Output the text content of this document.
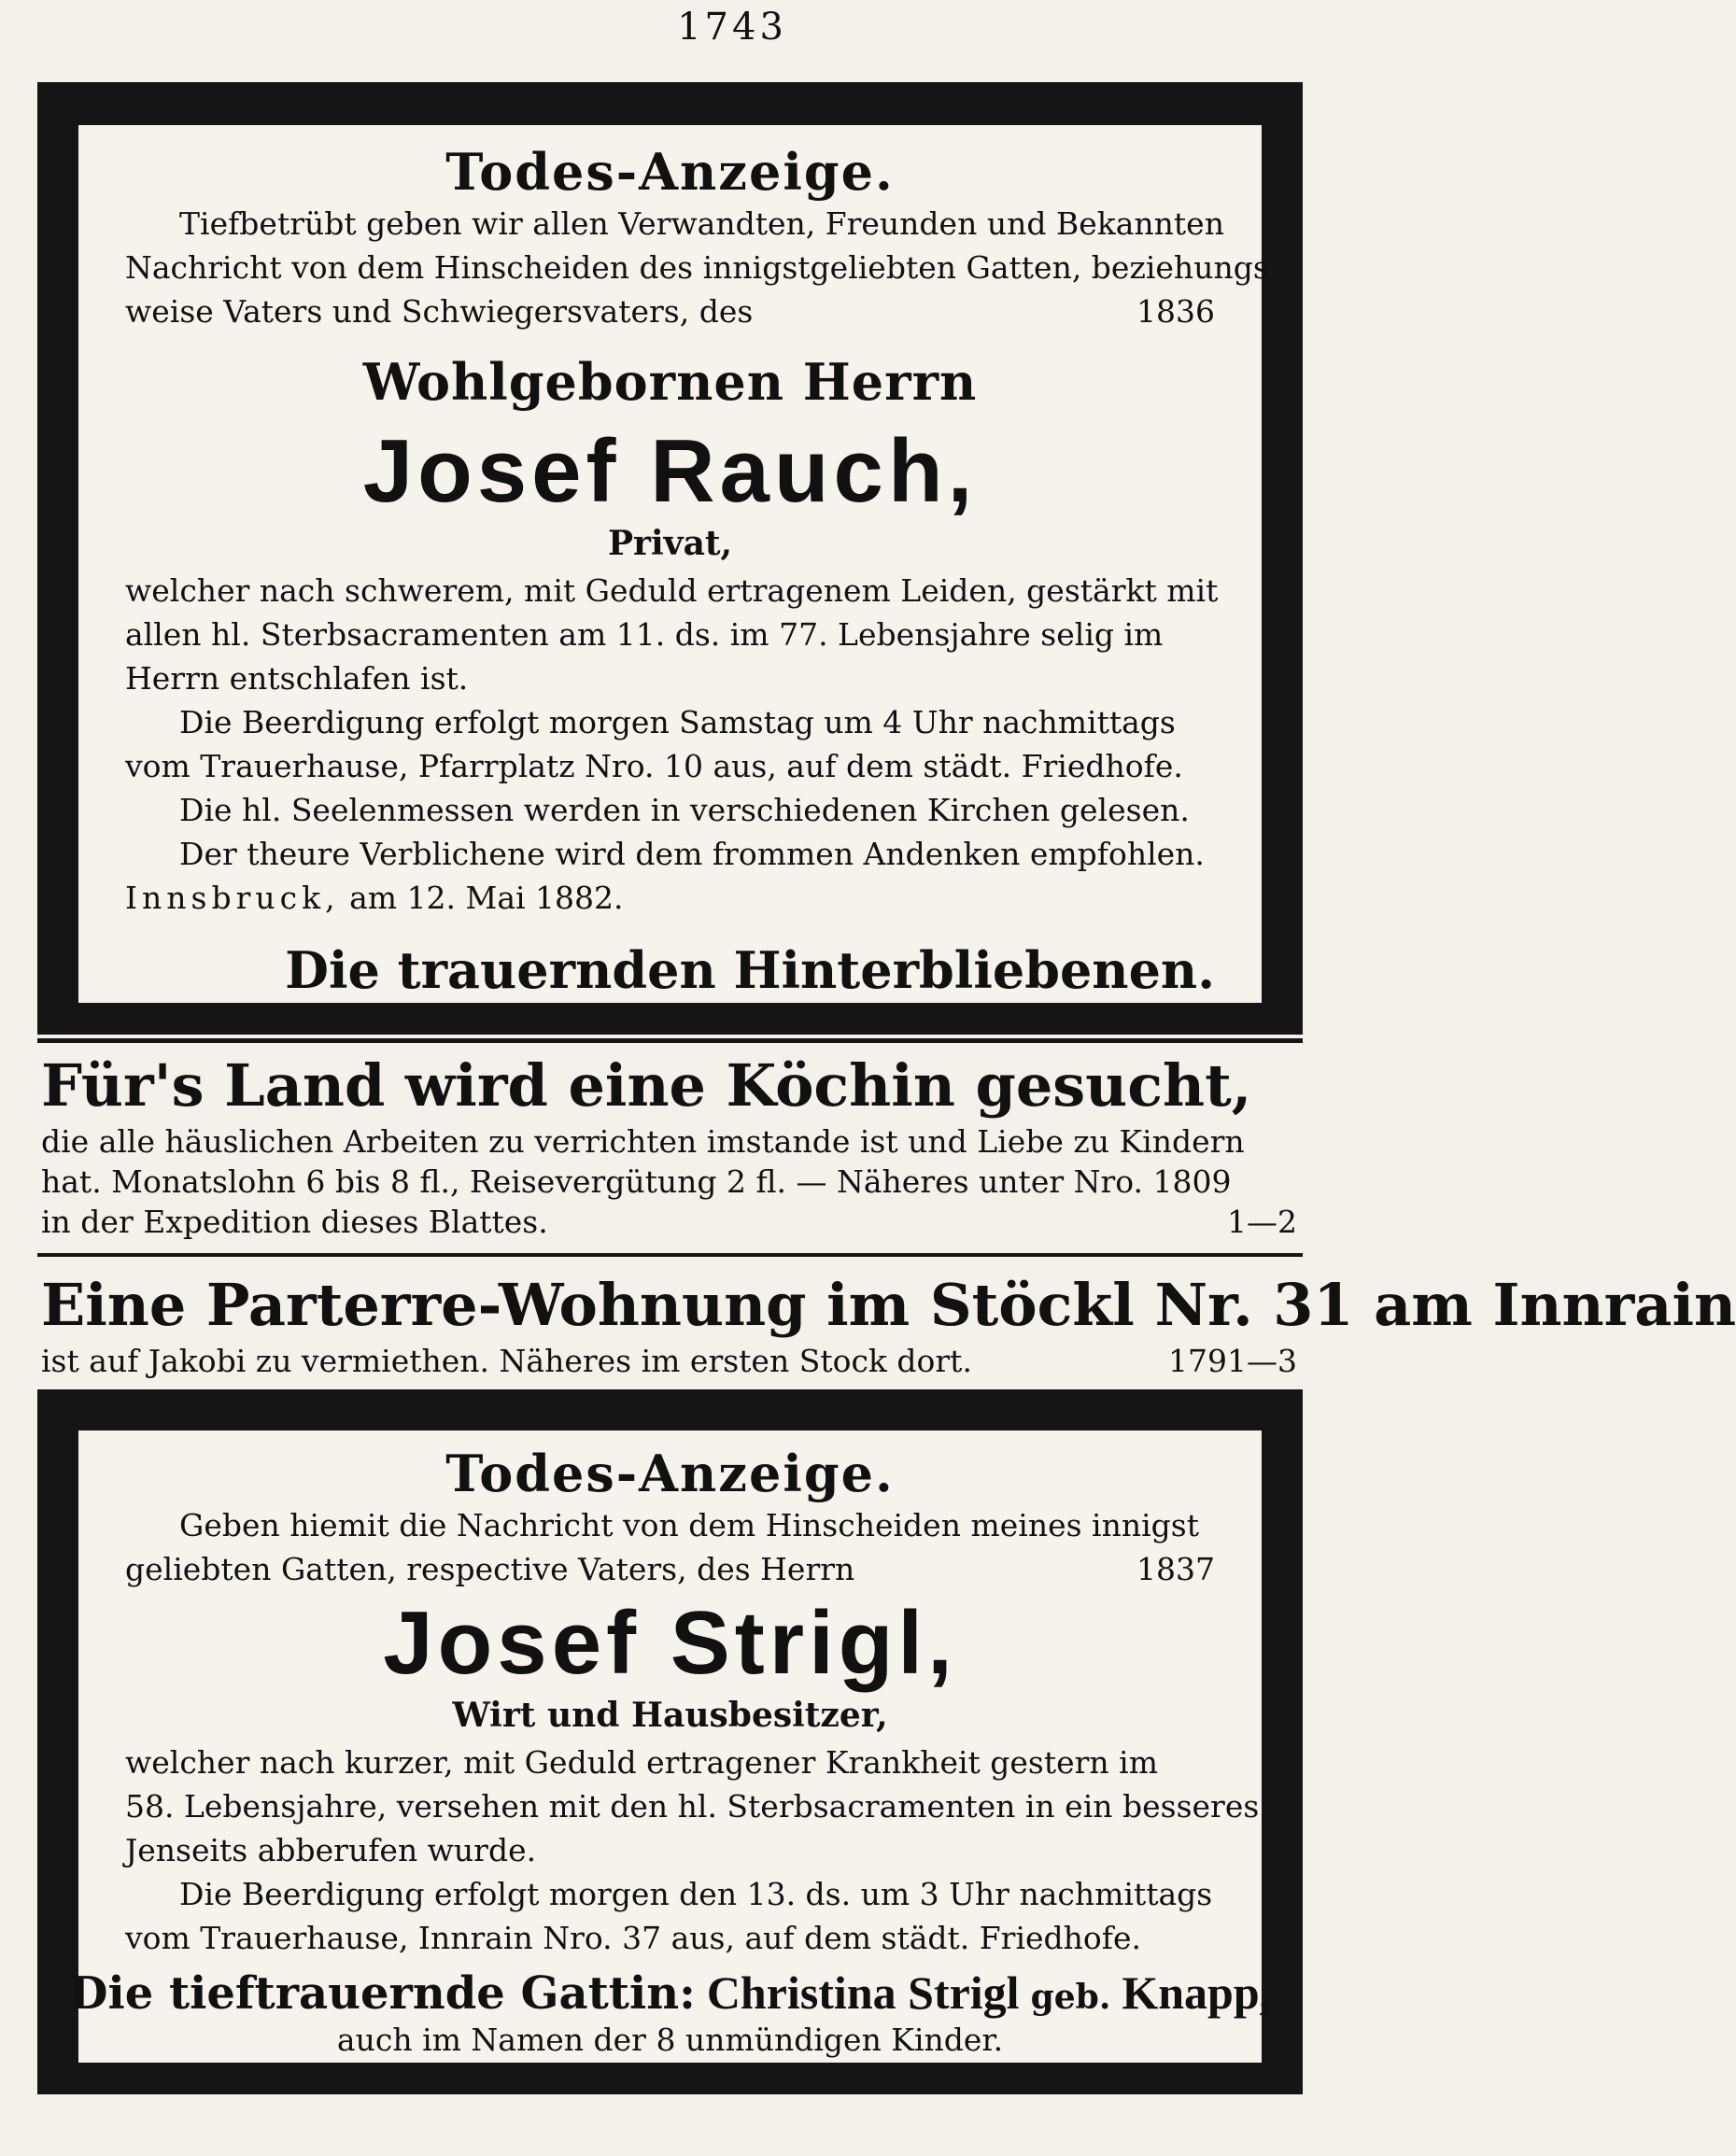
1743
Todes-Anzeige.
Tiefbetrübt geben wir allen Verwandten, Freunden und Bekannten
Nachricht von dem Hinscheiden des innigstgeliebten Gatten, beziehungs-
weise Vaters und Schwiegersvaters, des	1836
Wohlgebornen Herrn
Josef Rauch,
Privat,
welcher nach schwerem, mit Geduld ertragenem Leiden, gestärkt mit
allen hl. Sterbsacramenten am 11. ds. im 77. Lebensjahre selig im
Herrn entschlafen ist.
Die Beerdigung erfolgt morgen Samstag um 4 Uhr nachmittags
vom Trauerhause, Pfarrplatz Nro. 10 aus, auf dem städt. Friedhofe.
Die hl. Seelenmessen werden in verschiedenen Kirchen gelesen.
Der theure Verblichene wird dem frommen Andenken empfohlen.
Innsbruck, am 12. Mai 1882.
Die trauernden Hinterbliebenen.
Für's Land wird eine Köchin gesucht,
die alle häuslichen Arbeiten zu verrichten imstande ist und Liebe zu Kindern
hat. Monatslohn 6 bis 8 fl., Reisevergütung 2 fl. — Näheres unter Nro. 1809
in der Expedition dieses Blattes.	1—2
Eine Parterre-Wohnung im Stöckl Nr. 31 am Innrain
ist auf Jakobi zu vermiethen. Näheres im ersten Stock dort.	1791—3
Todes-Anzeige.
Geben hiemit die Nachricht von dem Hinscheiden meines innigst
geliebten Gatten, respective Vaters, des Herrn	1837
Josef Strigl,
Wirt und Hausbesitzer,
welcher nach kurzer, mit Geduld ertragener Krankheit gestern im
58. Lebensjahre, versehen mit den hl. Sterbsacramenten in ein besseres
Jenseits abberufen wurde.
Die Beerdigung erfolgt morgen den 13. ds. um 3 Uhr nachmittags
vom Trauerhause, Innrain Nro. 37 aus, auf dem städt. Friedhofe.
Die tieftrauernde Gattin: Christina Strigl geb. Knapp,
auch im Namen der 8 unmündigen Kinder.
